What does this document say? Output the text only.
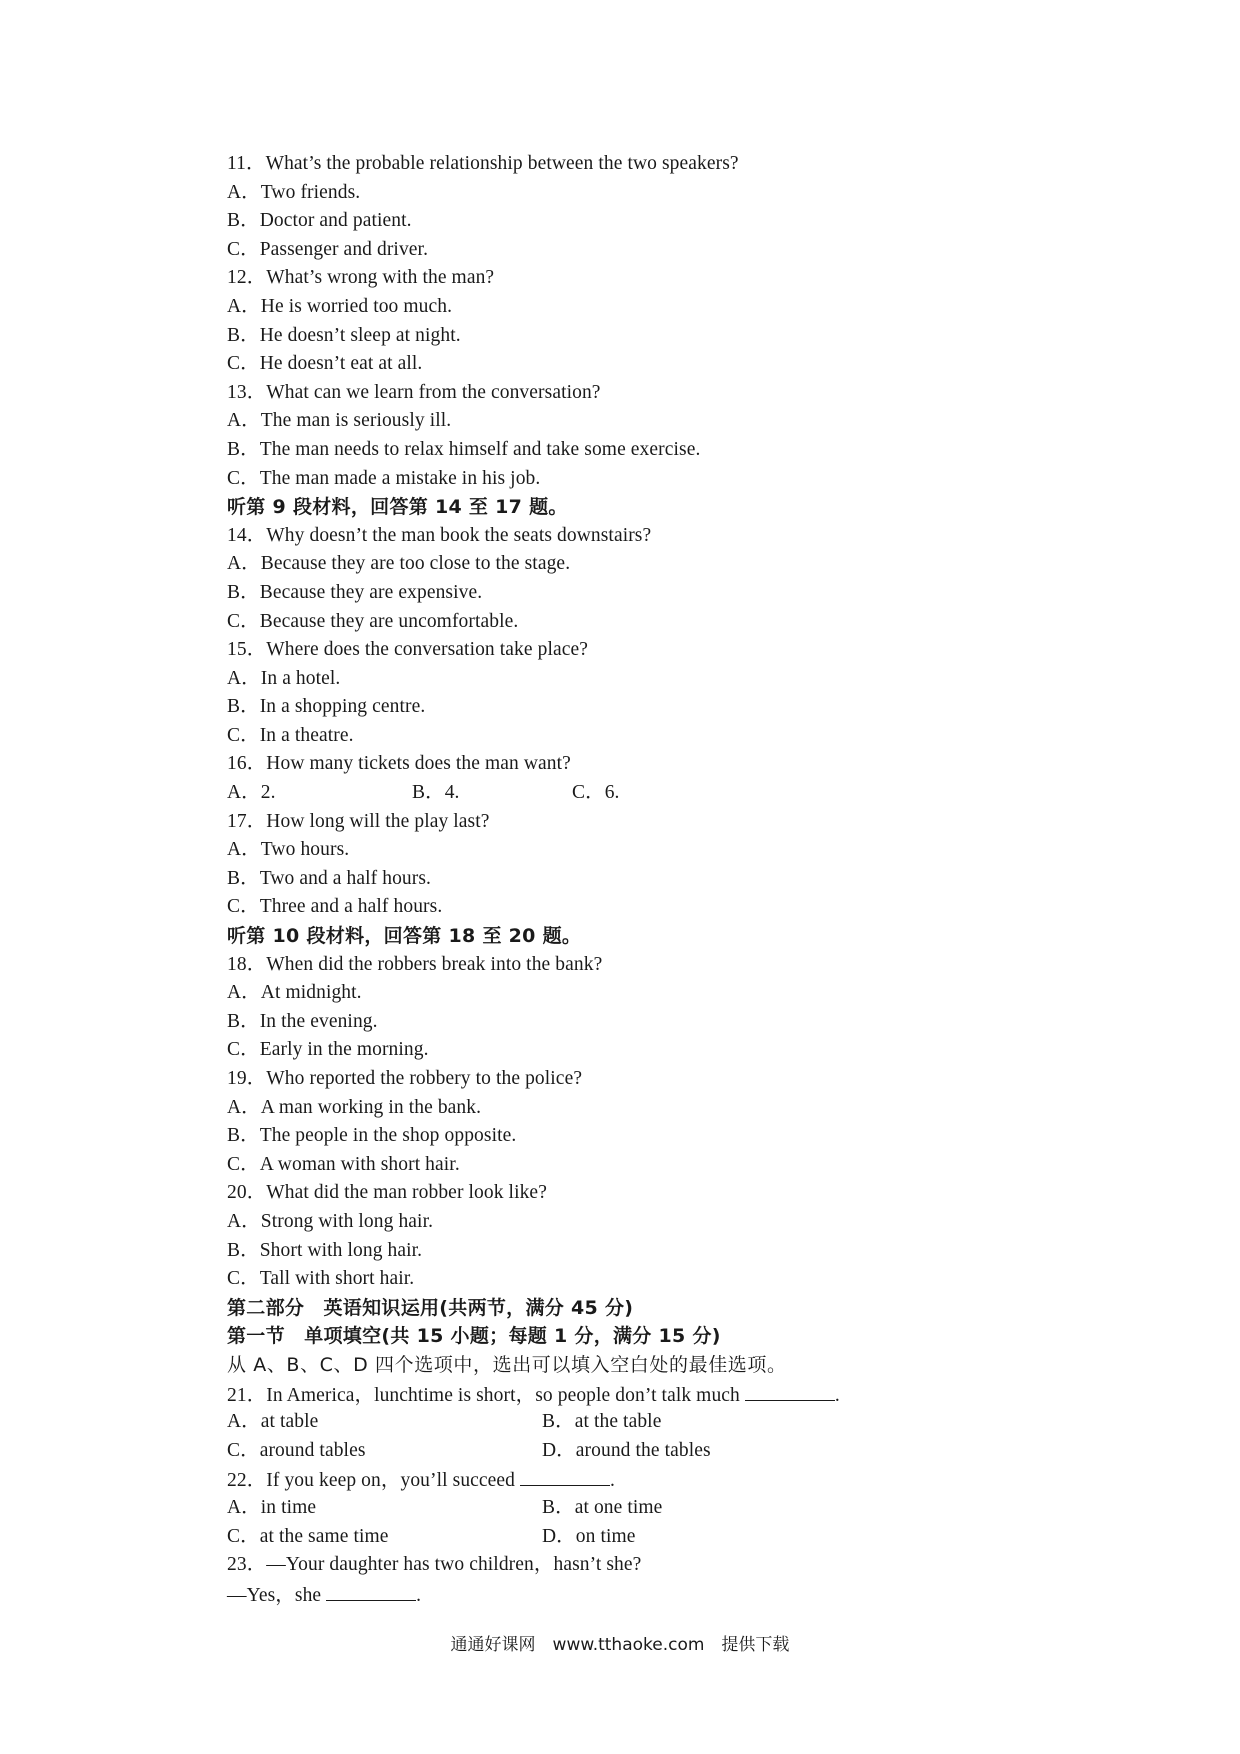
11．What’s the probable relationship between the two speakers?
A．Two friends.
B．Doctor and patient.
C．Passenger and driver.
12．What’s wrong with the man?
A．He is worried too much.
B．He doesn’t sleep at night.
C．He doesn’t eat at all.
13．What can we learn from the conversation?
A．The man is seriously ill.
B．The man needs to relax himself and take some exercise.
C．The man made a mistake in his job.
听第 9 段材料，回答第 14 至 17 题。
14．Why doesn’t the man book the seats downstairs?
A．Because they are too close to the stage.
B．Because they are expensive.
C．Because they are uncomfortable.
15．Where does the conversation take place?
A．In a hotel.
B．In a shopping centre.
C．In a theatre.
16．How many tickets does the man want?
A．2.	B．4.	C．6.
17．How long will the play last?
A．Two hours.
B．Two and a half hours.
C．Three and a half hours.
听第 10 段材料，回答第 18 至 20 题。
18．When did the robbers break into the bank?
A．At midnight.
B．In the evening.
C．Early in the morning.
19．Who reported the robbery to the police?
A．A man working in the bank.
B．The people in the shop opposite.
C．A woman with short hair.
20．What did the man robber look like?
A．Strong with long hair.
B．Short with long hair.
C．Tall with short hair.
第二部分　英语知识运用(共两节，满分 45 分)
第一节　单项填空(共 15 小题；每题 1 分，满分 15 分)
从 A、B、C、D 四个选项中，选出可以填入空白处的最佳选项。
21．In America，lunchtime is short，so people don’t talk much	.
A．at table	B．at the table
C．around tables	D．around the tables
22．If you keep on，you’ll succeed	.
A．in time	B．at one time
C．at the same time	D．on time
23．—Your daughter has two children，hasn’t she?
—Yes，she	.
通通好课网　www.tthaoke.com　提供下载
